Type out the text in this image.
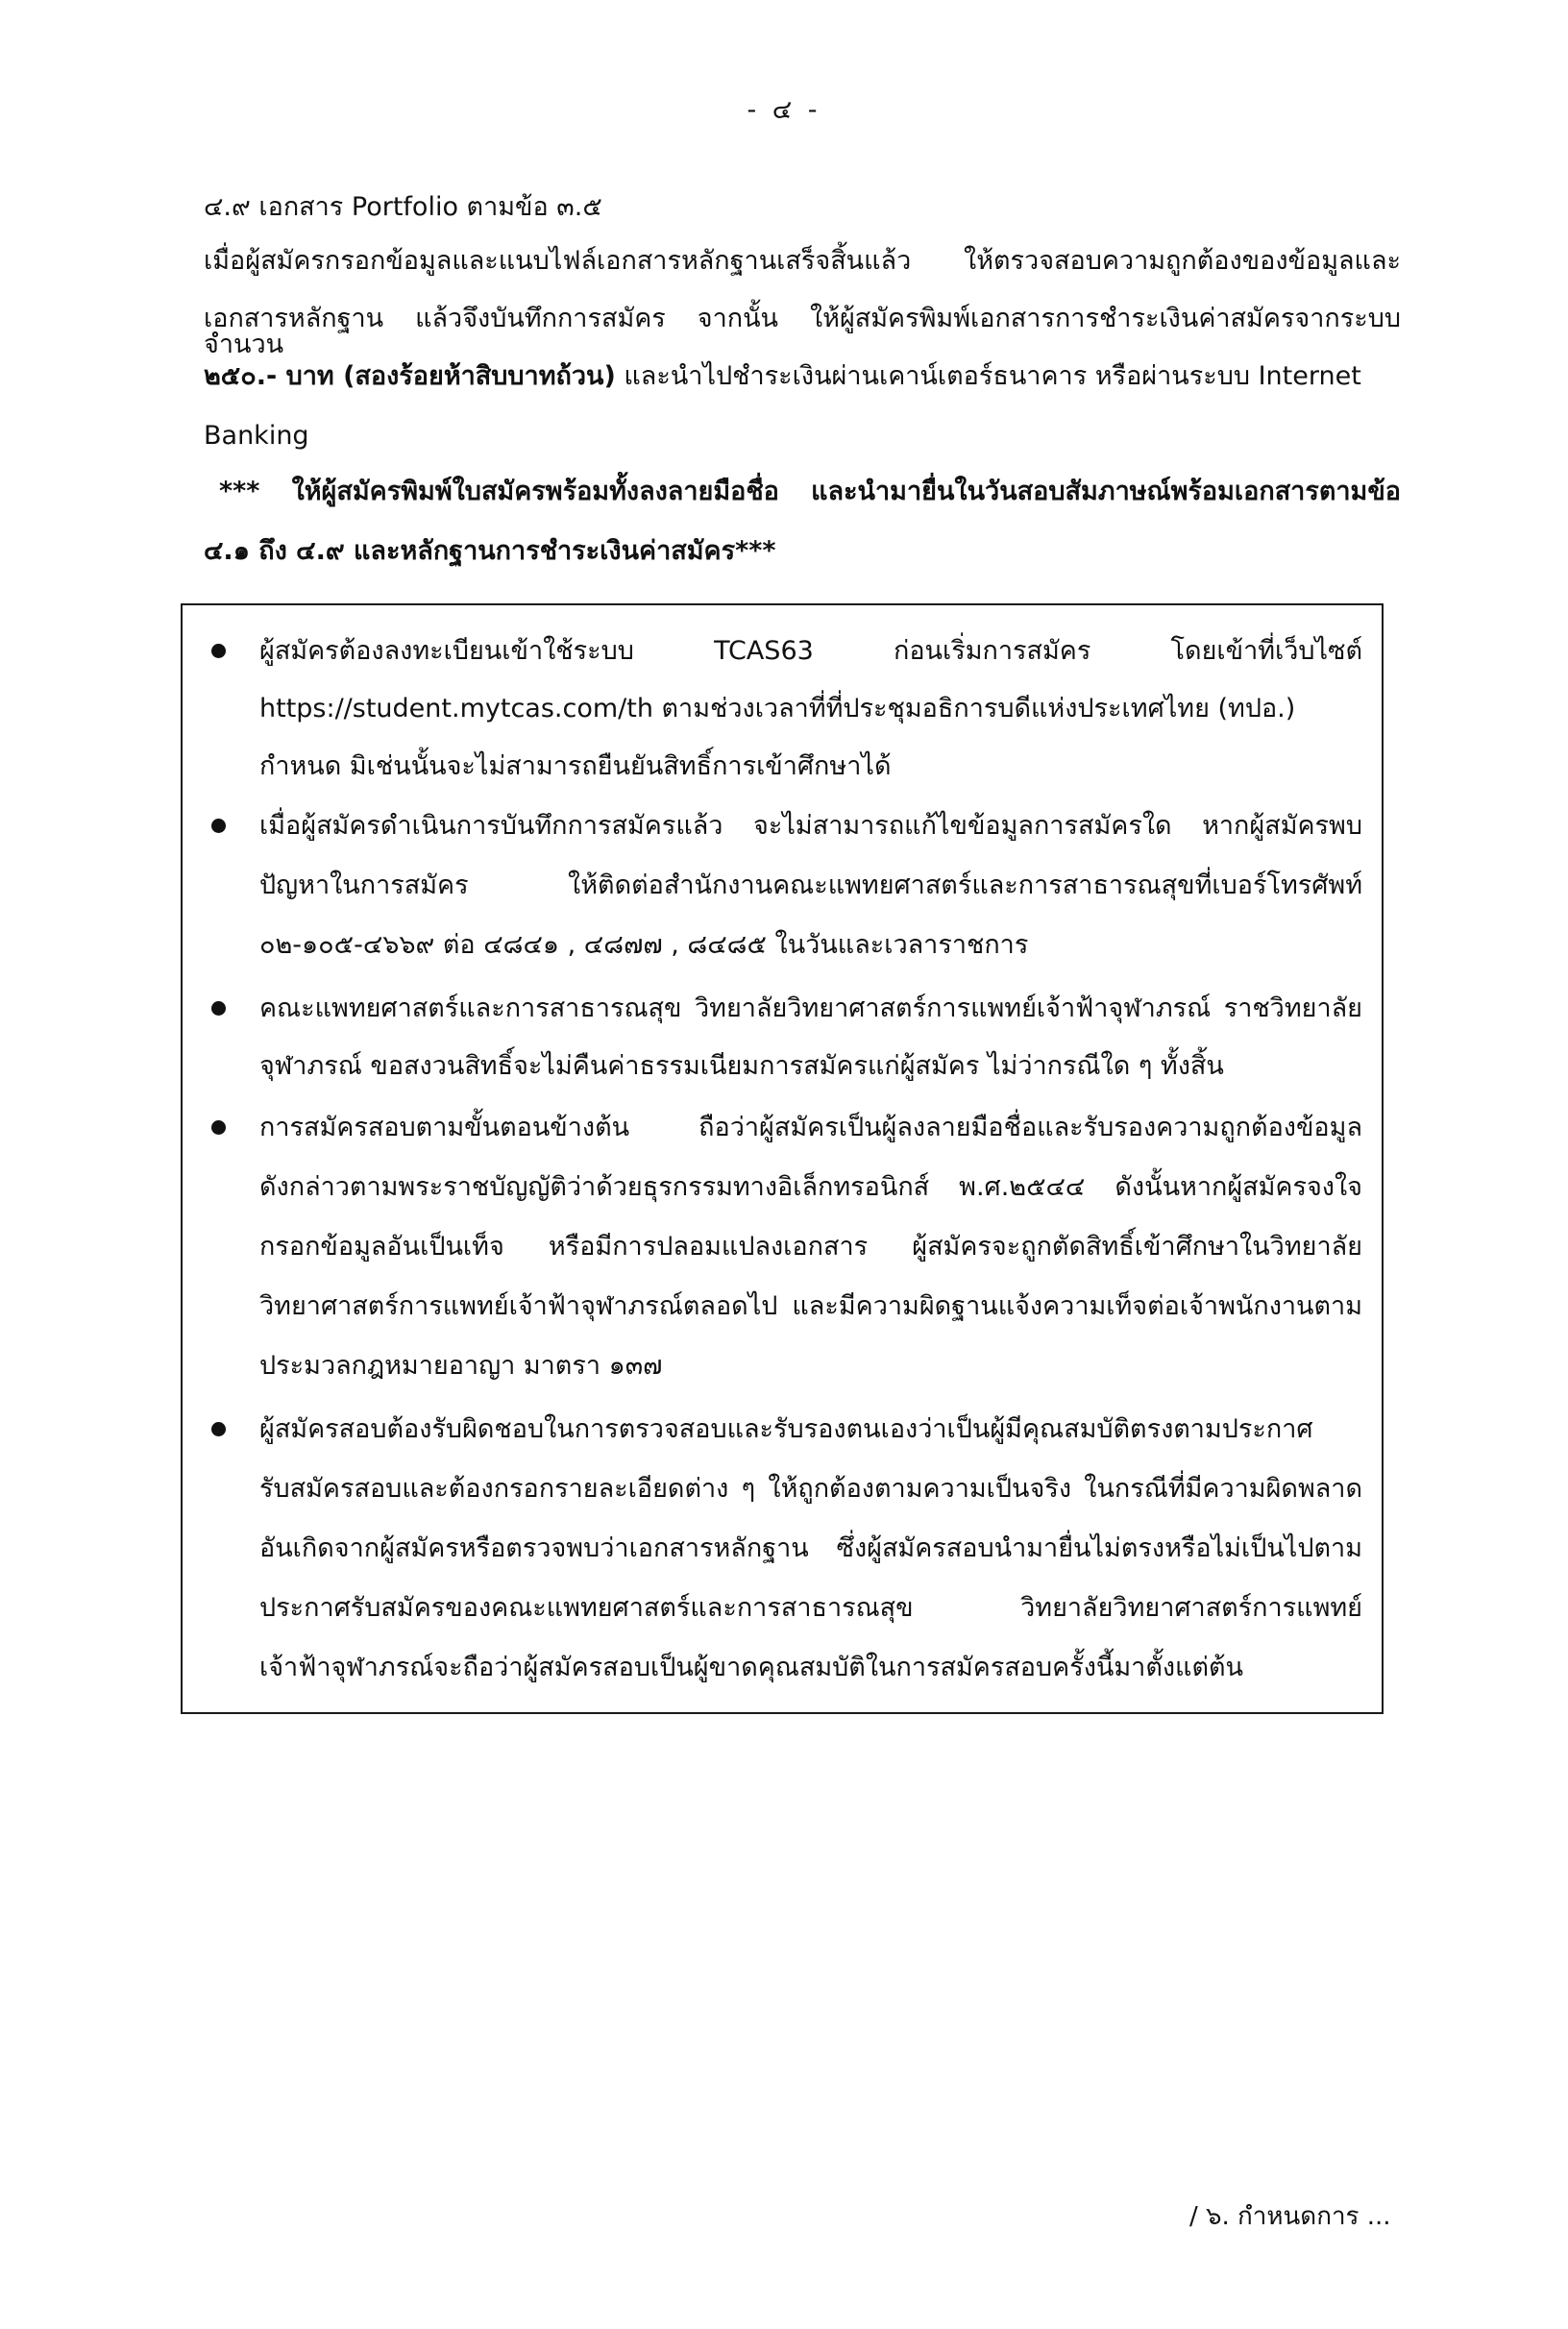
- ๔ -
๔.๙ เอกสาร Portfolio ตามข้อ ๓.๕
เมื่อผู้สมัครกรอกข้อมูลและแนบไฟล์เอกสารหลักฐานเสร็จสิ้นแล้ว ให้ตรวจสอบความถูกต้องของข้อมูลและ
เอกสารหลักฐาน แล้วจึงบันทึกการสมัคร จากนั้น ให้ผู้สมัครพิมพ์เอกสารการชำระเงินค่าสมัครจากระบบจำนวน
๒๕๐.- บาท (สองร้อยห้าสิบบาทถ้วน) และนำไปชำระเงินผ่านเคาน์เตอร์ธนาคาร หรือผ่านระบบ Internet
Banking
*** ให้ผู้สมัครพิมพ์ใบสมัครพร้อมทั้งลงลายมือชื่อ และนำมายื่นในวันสอบสัมภาษณ์พร้อมเอกสารตามข้อ
๔.๑ ถึง ๔.๙ และหลักฐานการชำระเงินค่าสมัคร***
ผู้สมัครต้องลงทะเบียนเข้าใช้ระบบ TCAS63 ก่อนเริ่มการสมัคร โดยเข้าที่เว็บไซต์
https://student.mytcas.com/th ตามช่วงเวลาที่ที่ประชุมอธิการบดีแห่งประเทศไทย (ทปอ.)
กำหนด มิเช่นนั้นจะไม่สามารถยืนยันสิทธิ์การเข้าศึกษาได้
เมื่อผู้สมัครดำเนินการบันทึกการสมัครแล้ว จะไม่สามารถแก้ไขข้อมูลการสมัครใด หากผู้สมัครพบ
ปัญหาในการสมัคร ให้ติดต่อสำนักงานคณะแพทยศาสตร์และการสาธารณสุขที่เบอร์โทรศัพท์
๐๒-๑๐๕-๔๖๖๙ ต่อ ๔๘๔๑ , ๔๘๗๗ , ๘๔๘๕ ในวันและเวลาราชการ
คณะแพทยศาสตร์และการสาธารณสุข วิทยาลัยวิทยาศาสตร์การแพทย์เจ้าฟ้าจุฬาภรณ์ ราชวิทยาลัย
จุฬาภรณ์ ขอสงวนสิทธิ์จะไม่คืนค่าธรรมเนียมการสมัครแก่ผู้สมัคร ไม่ว่ากรณีใด ๆ ทั้งสิ้น
การสมัครสอบตามขั้นตอนข้างต้น ถือว่าผู้สมัครเป็นผู้ลงลายมือชื่อและรับรองความถูกต้องข้อมูล
ดังกล่าวตามพระราชบัญญัติว่าด้วยธุรกรรมทางอิเล็กทรอนิกส์ พ.ศ.๒๕๔๔ ดังนั้นหากผู้สมัครจงใจ
กรอกข้อมูลอันเป็นเท็จ หรือมีการปลอมแปลงเอกสาร ผู้สมัครจะถูกตัดสิทธิ์เข้าศึกษาในวิทยาลัย
วิทยาศาสตร์การแพทย์เจ้าฟ้าจุฬาภรณ์ตลอดไป และมีความผิดฐานแจ้งความเท็จต่อเจ้าพนักงานตาม
ประมวลกฎหมายอาญา มาตรา ๑๓๗
ผู้สมัครสอบต้องรับผิดชอบในการตรวจสอบและรับรองตนเองว่าเป็นผู้มีคุณสมบัติตรงตามประกาศ
รับสมัครสอบและต้องกรอกรายละเอียดต่าง ๆ ให้ถูกต้องตามความเป็นจริง ในกรณีที่มีความผิดพลาด
อันเกิดจากผู้สมัครหรือตรวจพบว่าเอกสารหลักฐาน ซึ่งผู้สมัครสอบนำมายื่นไม่ตรงหรือไม่เป็นไปตาม
ประกาศรับสมัครของคณะแพทยศาสตร์และการสาธารณสุข วิทยาลัยวิทยาศาสตร์การแพทย์
เจ้าฟ้าจุฬาภรณ์จะถือว่าผู้สมัครสอบเป็นผู้ขาดคุณสมบัติในการสมัครสอบครั้งนี้มาตั้งแต่ต้น
/ ๖. กำหนดการ ...
